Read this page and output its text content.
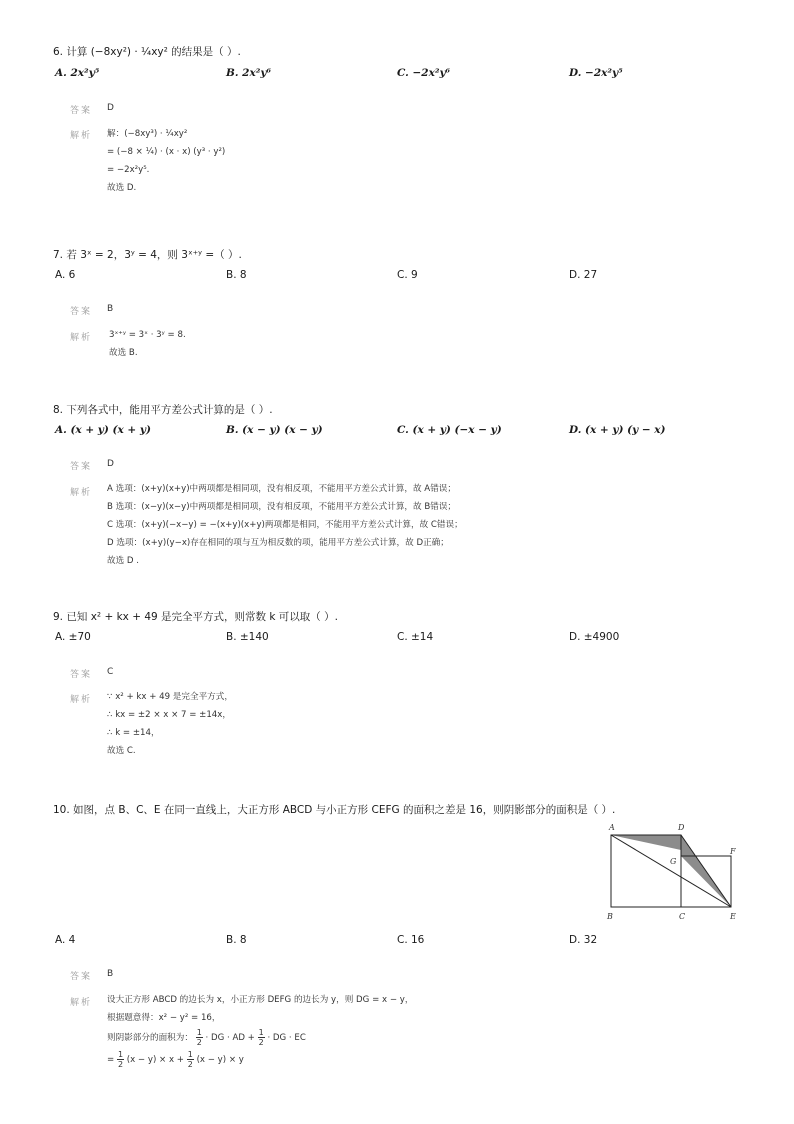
6. 计算 (−8xy²) · ¼xy² 的结果是（ ）.
A. 2x²y⁵	B. 2x²y⁶	C. −2x²y⁶	D. −2x²y⁵
答案 D
解析 解：(−8xy³) · ¼xy²
= (−8 × ¼) · (x · x) (y³ · y²)
= −2x²y⁵.
故选 D.
7. 若 3ˣ = 2，3ʸ = 4，则 3ˣ⁺ʸ =（ ）.
A. 6	B. 8	C. 9	D. 27
答案 B
解析 3ˣ⁺ʸ = 3ˣ · 3ʸ = 8.
故选 B.
8. 下列各式中，能用平方差公式计算的是（ ）.
A. (x + y) (x + y)	B. (x − y) (x − y)	C. (x + y) (−x − y)	D. (x + y) (y − x)
答案 D
解析 A 选项：(x+y)(x+y)中两项都是相同项，没有相反项，不能用平方差公式计算，故 A错误；
B 选项：(x−y)(x−y)中两项都是相同项，没有相反项，不能用平方差公式计算，故 B错误；
C 选项：(x+y)(−x−y) = −(x+y)(x+y)两项都是相同，不能用平方差公式计算，故 C错误；
D 选项：(x+y)(y−x)存在相同的项与互为相反数的项，能用平方差公式计算，故 D正确；
故选 D .
9. 已知 x² + kx + 49 是完全平方式，则常数 k 可以取（ ）.
A. ±70	B. ±140	C. ±14	D. ±4900
答案 C
解析 ∵ x² + kx + 49 是完全平方式，
∴ kx = ±2 × x × 7 = ±14x，
∴ k = ±14，
故选 C.
10. 如图，点 B、C、E 在同一直线上，大正方形 ABCD 与小正方形 CEFG 的面积之差是 16，则阴影部分的面积是（ ）.
A	D
F
G
B	C	E
A. 4	B. 8	C. 16	D. 32
答案 B
解析 设大正方形 ABCD 的边长为 x，小正方形 DEFG 的边长为 y，则 DG = x − y，
根据题意得：x² − y² = 16，
则阴影部分的面积为： $\frac{1}{2}$ · DG · AD + $\frac{1}{2}$ · DG · EC
= $\frac{1}{2} (x - y) \times x + \frac{1}{2} (x - y) \times y$
